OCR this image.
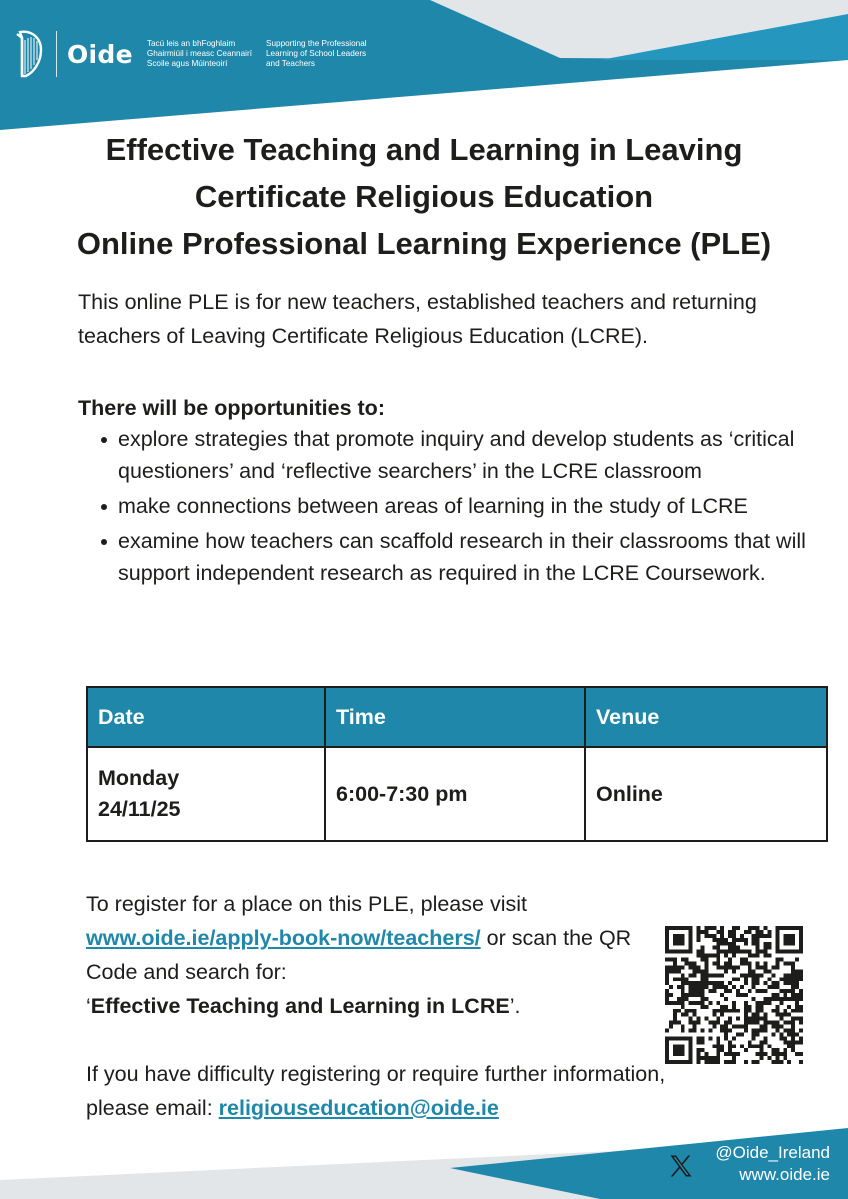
Oide Tacú leis an bhFoghlaim
Ghairmiúil i measc Ceannairí
Scoile agus Múinteoirí
Supporting the Professional
Learning of School Leaders
and Teachers
Effective Teaching and Learning in Leaving
Certificate Religious Education
Online Professional Learning Experience (PLE)
This online PLE is for new teachers, established teachers and returning teachers of Leaving Certificate Religious Education (LCRE).
There will be opportunities to:
explore strategies that promote inquiry and develop students as ‘critical questioners’ and ‘reflective searchers’ in the LCRE classroom
make connections between areas of learning in the study of LCRE
examine how teachers can scaffold research in their classrooms that will support independent research as required in the LCRE Coursework.
Date	Time	Venue

Monday
24/11/25	6:00-7:30 pm	Online

To register for a place on this PLE, please visit
www.oide.ie/apply-book-now/teachers/ or scan the QR Code and search for:
‘Effective Teaching and Learning in LCRE’.

If you have difficulty registering or require further information, please email: religiouseducation@oide.ie

@Oide_Ireland
www.oide.ie
